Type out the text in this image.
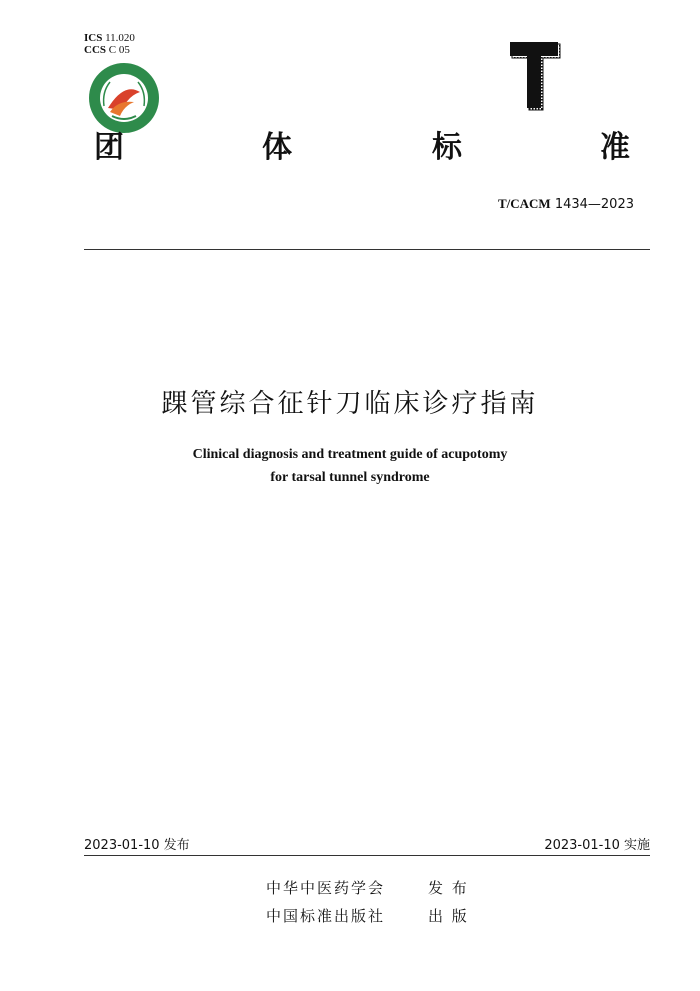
ICS 11.020
CCS C 05
团	体	标	准
T/CACM 1434—2023
踝管综合征针刀临床诊疗指南
Clinical diagnosis and treatment guide of acupotomy
for tarsal tunnel syndrome
2023-01-10 发布	2023-01-10 实施
中华中医药学会	发 布
中国标准出版社	出 版
